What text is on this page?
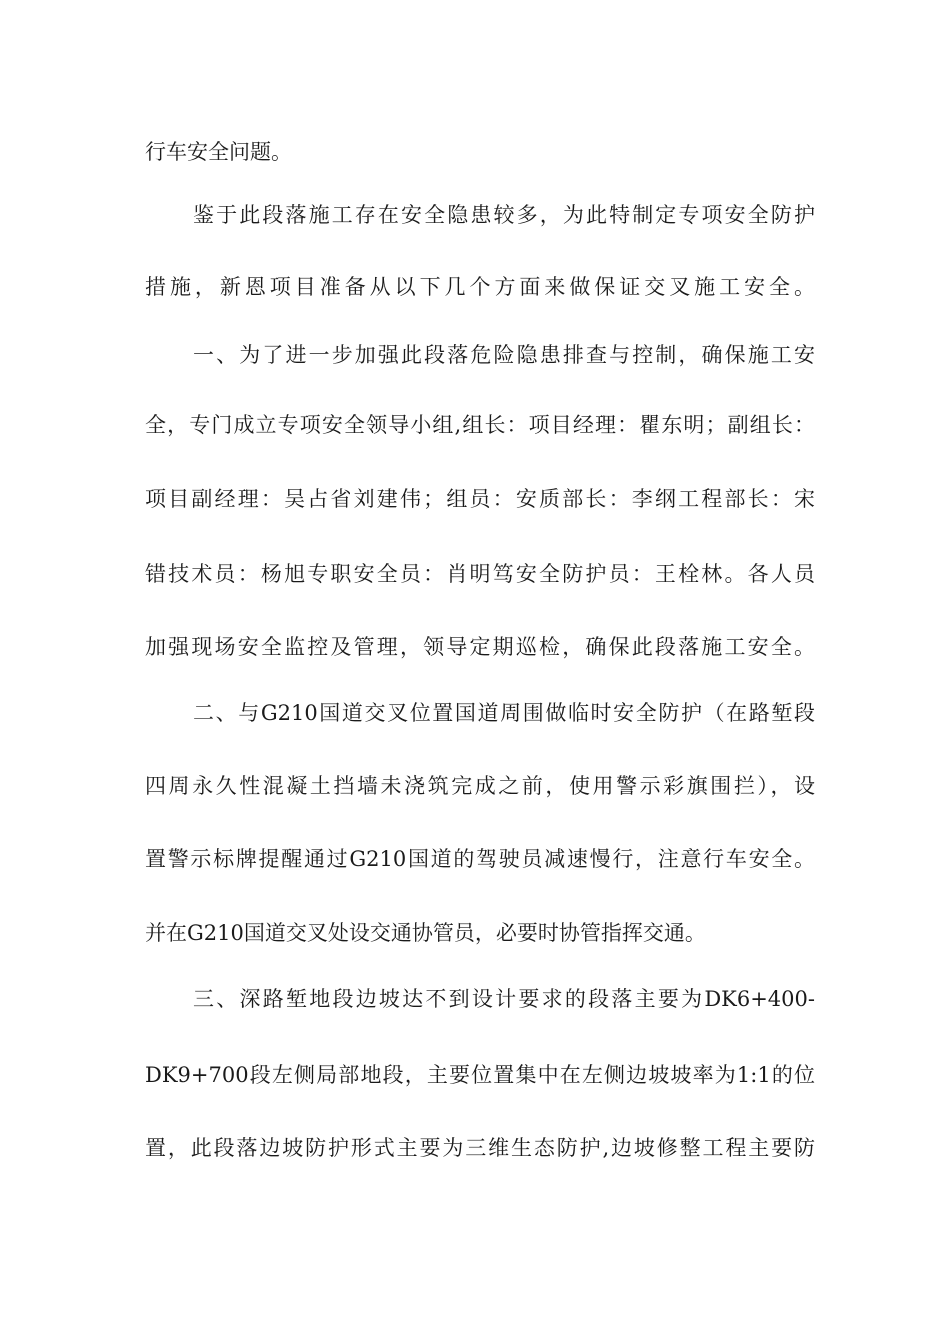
行车安全问题。
鉴于此段落施工存在安全隐患较多，为此特制定专项安全防护
措施，新恩项目准备从以下几个方面来做保证交叉施工安全。
一、为了进一步加强此段落危险隐患排查与控制，确保施工安
全，专门成立专项安全领导小组,组长：项目经理：瞿东明；副组长：
项目副经理：吴占省刘建伟；组员：安质部长：李纲工程部长：宋
错技术员：杨旭专职安全员：肖明笃安全防护员：王栓林。各人员
加强现场安全监控及管理，领导定期巡检，确保此段落施工安全。
二、与G210国道交叉位置国道周围做临时安全防护（在路堑段
四周永久性混凝土挡墙未浇筑完成之前，使用警示彩旗围拦），设
置警示标牌提醒通过G210国道的驾驶员减速慢行，注意行车安全。
并在G210国道交叉处设交通协管员，必要时协管指挥交通。
三、深路堑地段边坡达不到设计要求的段落主要为DK6+400-
DK9+700段左侧局部地段，主要位置集中在左侧边坡坡率为1:1的位
置，此段落边坡防护形式主要为三维生态防护,边坡修整工程主要防
